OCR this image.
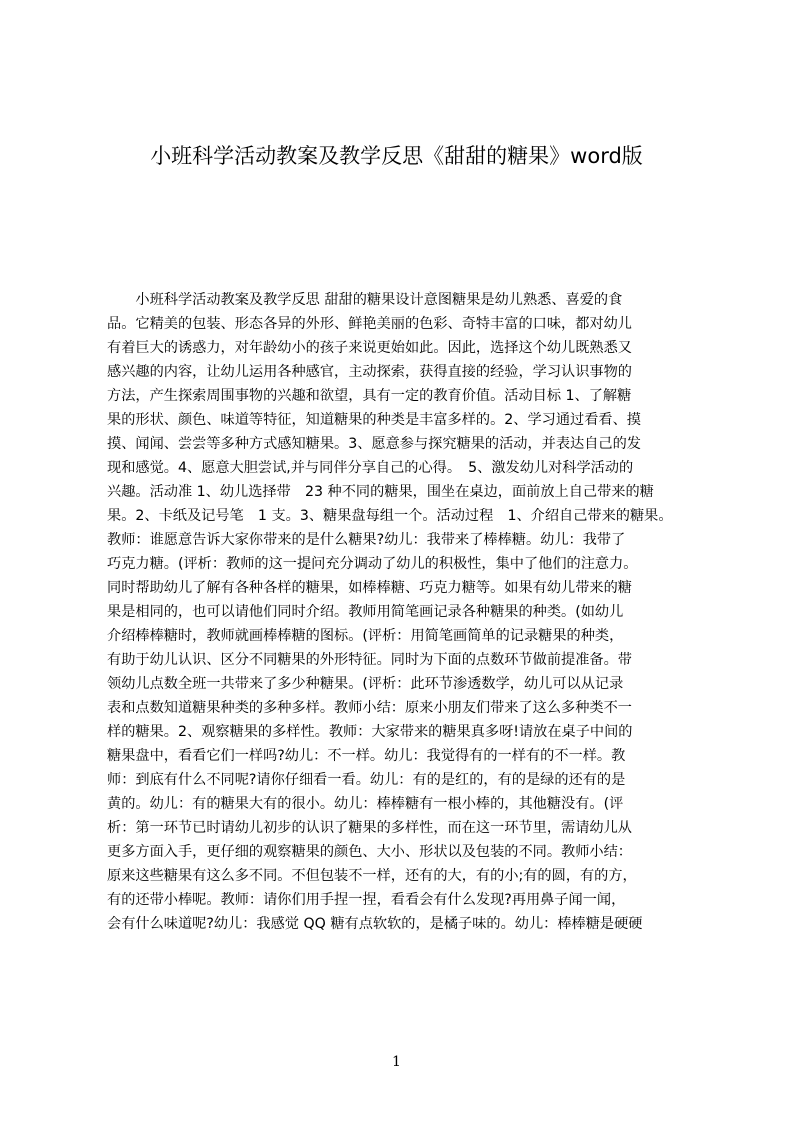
小班科学活动教案及教学反思《甜甜的糖果》word版
　　小班科学活动教案及教学反思 甜甜的糖果设计意图糖果是幼儿熟悉、喜爱的食
品。它精美的包装、形态各异的外形、鲜艳美丽的色彩、奇特丰富的口味，都对幼儿
有着巨大的诱惑力，对年龄幼小的孩子来说更始如此。因此，选择这个幼儿既熟悉又
感兴趣的内容，让幼儿运用各种感官，主动探索，获得直接的经验，学习认识事物的
方法，产生探索周围事物的兴趣和欲望，具有一定的教育价值。活动目标 1、了解糖
果的形状、颜色、味道等特征，知道糖果的种类是丰富多样的。2、学习通过看看、摸
摸、闻闻、尝尝等多种方式感知糖果。3、愿意参与探究糖果的活动，并表达自己的发
现和感觉。4、愿意大胆尝试,并与同伴分享自己的心得。　5、激发幼儿对科学活动的
兴趣。活动准 1、幼儿选择带　23 种不同的糖果，围坐在桌边，面前放上自己带来的糖
果。2、卡纸及记号笔　1 支。3、糖果盘每组一个。活动过程　1、介绍自己带来的糖果。
教师：谁愿意告诉大家你带来的是什么糖果?幼儿：我带来了棒棒糖。幼儿：我带了
巧克力糖。(评析：教师的这一提问充分调动了幼儿的积极性，集中了他们的注意力。
同时帮助幼儿了解有各种各样的糖果，如棒棒糖、巧克力糖等。如果有幼儿带来的糖
果是相同的，也可以请他们同时介绍。教师用简笔画记录各种糖果的种类。(如幼儿
介绍棒棒糖时，教师就画棒棒糖的图标。(评析：用简笔画简单的记录糖果的种类，
有助于幼儿认识、区分不同糖果的外形特征。同时为下面的点数环节做前提准备。带
领幼儿点数全班一共带来了多少种糖果。(评析：此环节渗透数学，幼儿可以从记录
表和点数知道糖果种类的多种多样。教师小结：原来小朋友们带来了这么多种类不一
样的糖果。2、观察糖果的多样性。教师：大家带来的糖果真多呀!请放在桌子中间的
糖果盘中，看看它们一样吗?幼儿：不一样。幼儿：我觉得有的一样有的不一样。教
师：到底有什么不同呢?请你仔细看一看。幼儿：有的是红的，有的是绿的还有的是
黄的。幼儿：有的糖果大有的很小。幼儿：棒棒糖有一根小棒的，其他糖没有。(评
析：第一环节已时请幼儿初步的认识了糖果的多样性，而在这一环节里，需请幼儿从
更多方面入手，更仔细的观察糖果的颜色、大小、形状以及包装的不同。教师小结：
原来这些糖果有这么多不同。不但包装不一样，还有的大，有的小;有的圆，有的方，
有的还带小棒呢。教师：请你们用手捏一捏，看看会有什么发现?再用鼻子闻一闻，
会有什么味道呢?幼儿：我感觉 QQ 糖有点软软的，是橘子味的。幼儿：棒棒糖是硬硬
1
